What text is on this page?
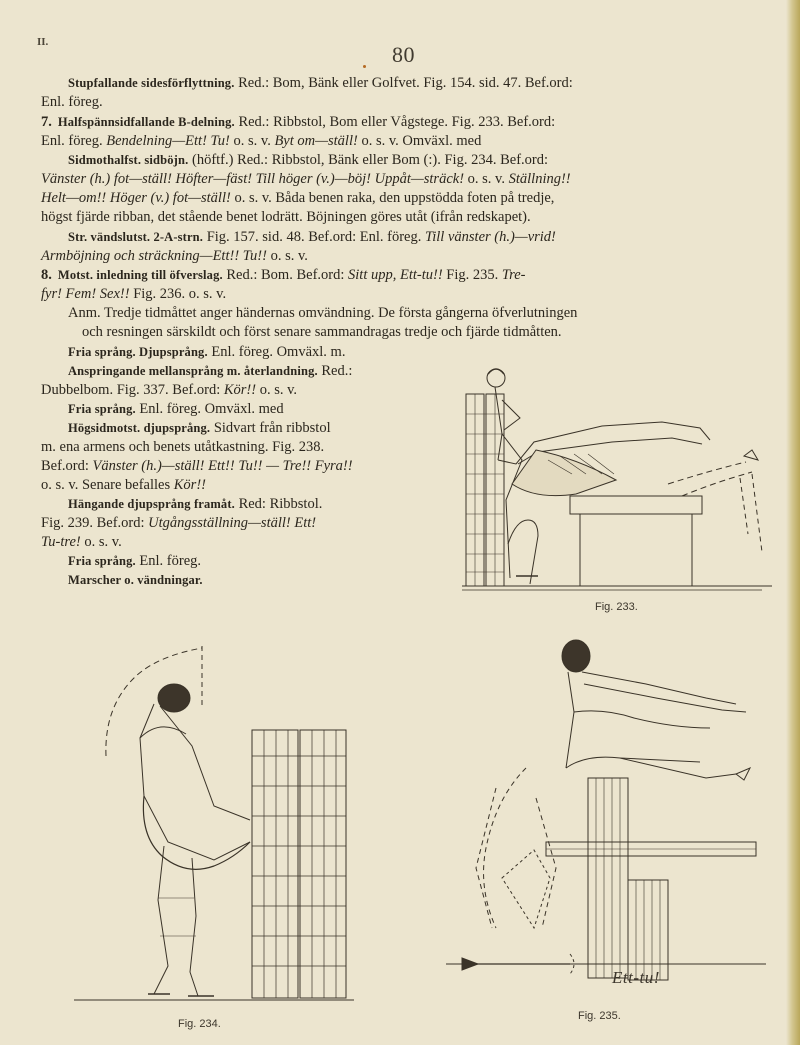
II.	80
Stupfallande sidesförflyttning. Red.: Bom, Bänk eller Golfvet. Fig. 154. sid. 47. Bef.ord:
Enl. föreg.
7. Halfspännsidfallande B-delning. Red.: Ribbstol, Bom eller Vågstege. Fig. 233. Bef.ord:
Enl. föreg. Bendelning—Ett! Tu! o. s. v. Byt om—ställ! o. s. v. Omväxl. med
Sidmothalfst. sidböjn. (höftf.) Red.: Ribbstol, Bänk eller Bom (:). Fig. 234. Bef.ord:
Vänster (h.) fot—ställ! Höfter—fäst! Till höger (v.)—böj! Uppåt—sträck! o. s. v. Ställning!!
Helt—om!! Höger (v.) fot—ställ! o. s. v. Båda benen raka, den uppstödda foten på tredje,
högst fjärde ribban, det stående benet lodrätt. Böjningen göres utåt (ifrån redskapet).
Str. vändslutst. 2-A-strn. Fig. 157. sid. 48. Bef.ord: Enl. föreg. Till vänster (h.)—vrid!
Armböjning och sträckning—Ett!! Tu!! o. s. v.
8. Motst. inledning till öfverslag. Red.: Bom. Bef.ord: Sitt upp, Ett-tu!! Fig. 235. Tre-
fyr! Fem! Sex!! Fig. 236. o. s. v.
Anm. Tredje tidmåttet anger händernas omvändning. De första gångerna öfverlutningen
och resningen särskildt och först senare sammandragas tredje och fjärde tidmåtten.
Fria språng. Djupsprång. Enl. föreg. Omväxl. m.
Anspringande mellansprång m. återlandning. Red.:
Dubbelbom. Fig. 337. Bef.ord: Kör!! o. s. v.
Fria språng. Enl. föreg. Omväxl. med
Högsidmotst. djupsprång. Sidvart från ribbstol
m. ena armens och benets utåtkastning. Fig. 238.
Bef.ord: Vänster (h.)—ställ! Ett!! Tu!! — Tre!! Fyra!!
o. s. v. Senare befalles Kör!!
Hängande djupsprång framåt. Red: Ribbstol.
Fig. 239. Bef.ord: Utgångsställning—ställ! Ett!
Tu-tre! o. s. v.
Fria språng. Enl. föreg.
Marscher o. vändningar.
Fig. 233.
Fig. 234.
Ett-tu!
Fig. 235.
